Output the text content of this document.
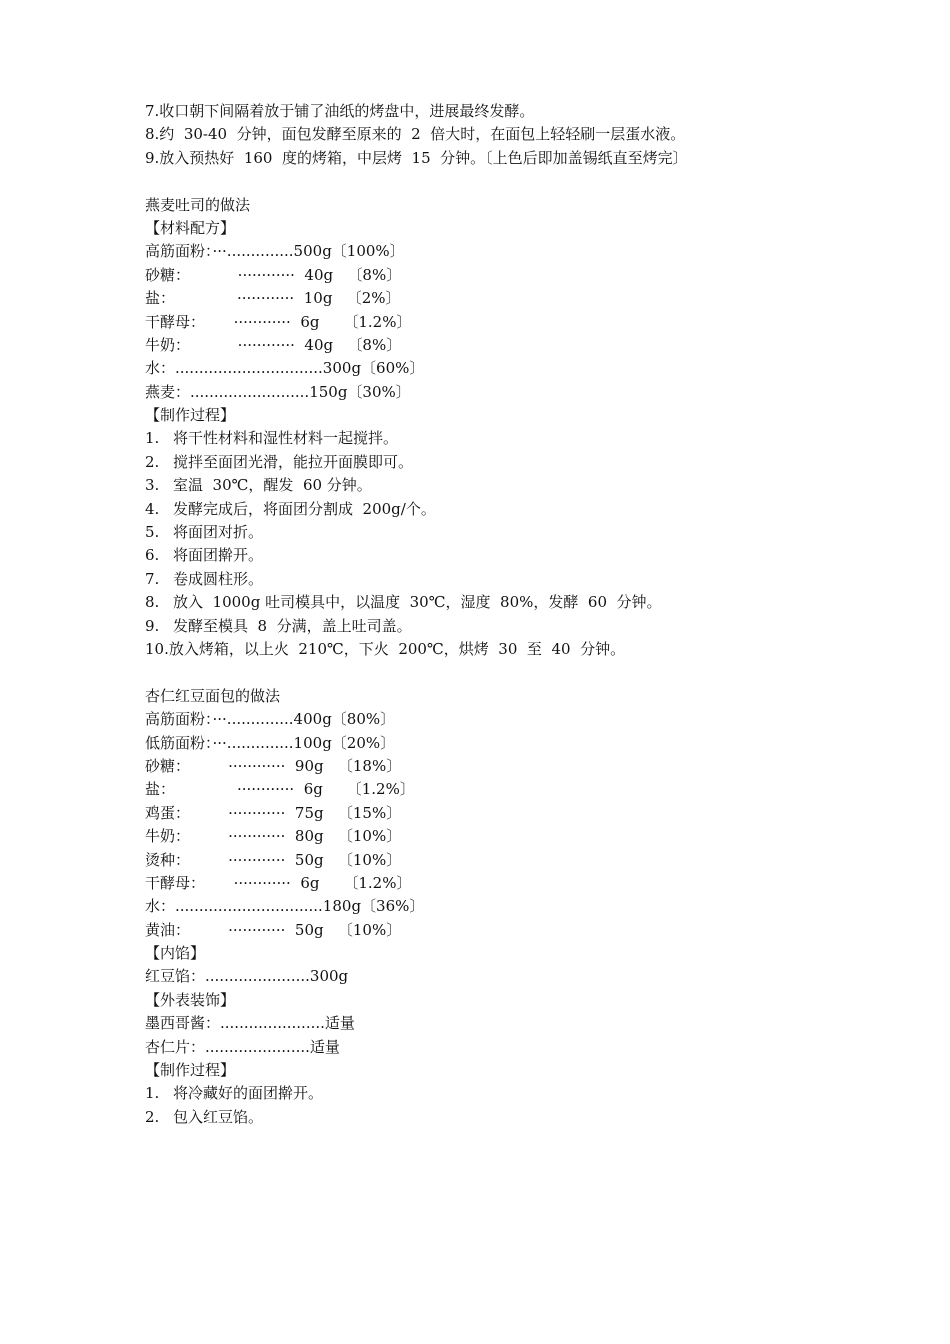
7.收口朝下间隔着放于铺了油纸的烤盘中，进展最终发酵。
8.约  30-40  分钟，面包发酵至原来的  2  倍大时，在面包上轻轻刷一层蛋水液。
9.放入预热好  160  度的烤箱，中层烤  15  分钟。〔上色后即加盖锡纸直至烤完〕
燕麦吐司的做法
【材料配方】
高筋面粉：···..............500g〔100%〕
砂糖：          ············  40g   〔8%〕
盐：             ············  10g   〔2%〕
干酵母：      ············  6g     〔1.2%〕
牛奶：          ············  40g   〔8%〕
水：...............................300g〔60%〕
燕麦：.........................150g〔30%〕
【制作过程】
1. 将干性材料和湿性材料一起搅拌。
2. 搅拌至面团光滑，能拉开面膜即可。
3. 室温  30℃，醒发  60 分钟。
4. 发酵完成后，将面团分割成  200g/个。
5. 将面团对折。
6. 将面团擀开。
7. 卷成圆柱形。
8. 放入  1000g 吐司模具中，以温度  30℃，湿度  80%，发酵  60  分钟。
9. 发酵至模具  8  分满，盖上吐司盖。
10.放入烤箱，以上火  210℃，下火  200℃，烘烤  30  至  40  分钟。
杏仁红豆面包的做法
高筋面粉：···..............400g〔80%〕
低筋面粉：···..............100g〔20%〕
砂糖：        ············  90g   〔18%〕
盐：             ············  6g     〔1.2%〕
鸡蛋：        ············  75g   〔15%〕
牛奶：        ············  80g   〔10%〕
烫种：        ············  50g   〔10%〕
干酵母：      ············  6g     〔1.2%〕
水：...............................180g〔36%〕
黄油：        ············  50g   〔10%〕
【内馅】
红豆馅：......................300g
【外表装饰】
墨西哥酱：......................适量
杏仁片：......................适量
【制作过程】
1. 将冷藏好的面团擀开。
2. 包入红豆馅。
